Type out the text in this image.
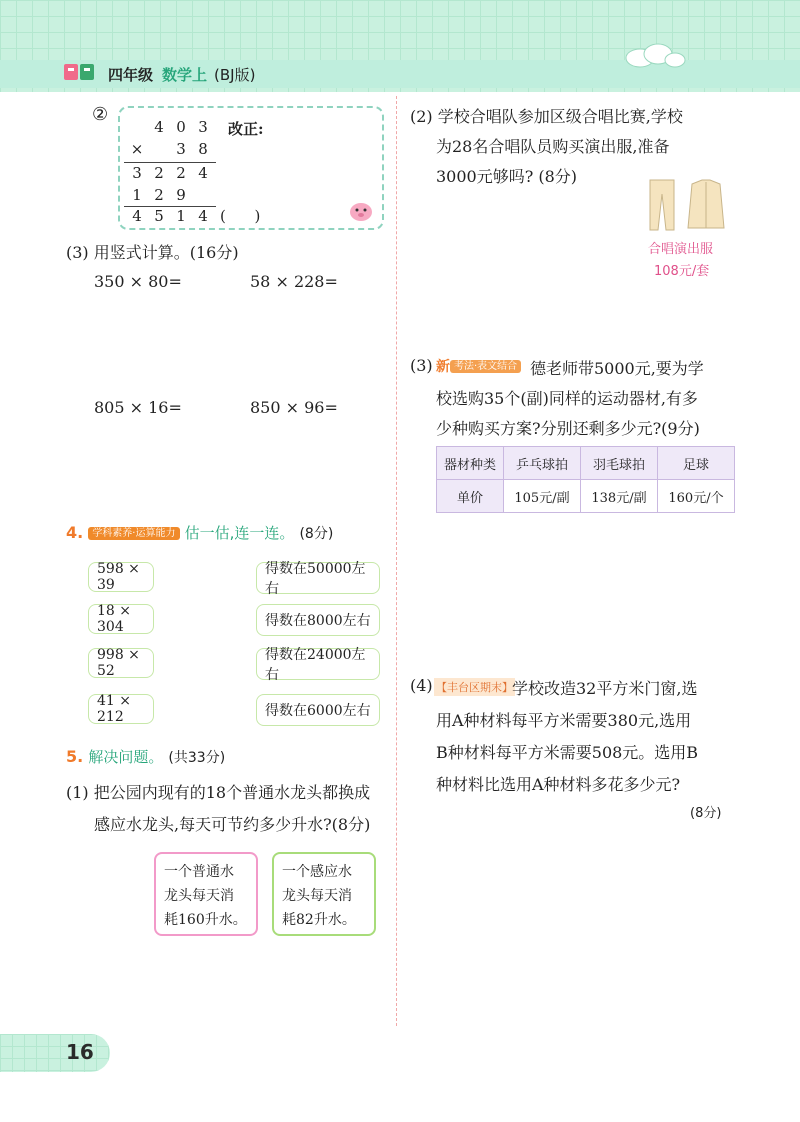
四年级 数学上 (BJ版)
②
4 0 3
× 3 8
3 2 2 4
1 2 9
4 5 1 4 (      )
改正:
(3) 用竖式计算。(16分)
350 × 80=	58 × 228=
805 × 16=	850 × 96=
4. 学科素养·运算能力 估一估,连一连。 (8分)
598 × 39
18 × 304
998 × 52
41 × 212
得数在50000左右
得数在8000左右
得数在24000左右
得数在6000左右
5. 解决问题。 (共33分)
(1) 把公园内现有的18个普通水龙头都换成
感应水龙头,每天可节约多少升水?(8分)
一个普通水
龙头每天消
耗160升水。
一个感应水
龙头每天消
耗82升水。
(2) 学校合唱队参加区级合唱比赛,学校
为28名合唱队员购买演出服,准备
3000元够吗? (8分)
合唱演出服
108元/套
(3) 新 考法·表文结合 德老师带5000元,要为学
校选购35个(副)同样的运动器材,有多
少种购买方案?分别还剩多少元?(9分)
器材种类	乒乓球拍	羽毛球拍	足球
单价	105元/副	138元/副	160元/个
(4) 【丰台区期末】 学校改造32平方米门窗,选
用A种材料每平方米需要380元,选用
B种材料每平方米需要508元。选用B
种材料比选用A种材料多花多少元?
(8分)
16
